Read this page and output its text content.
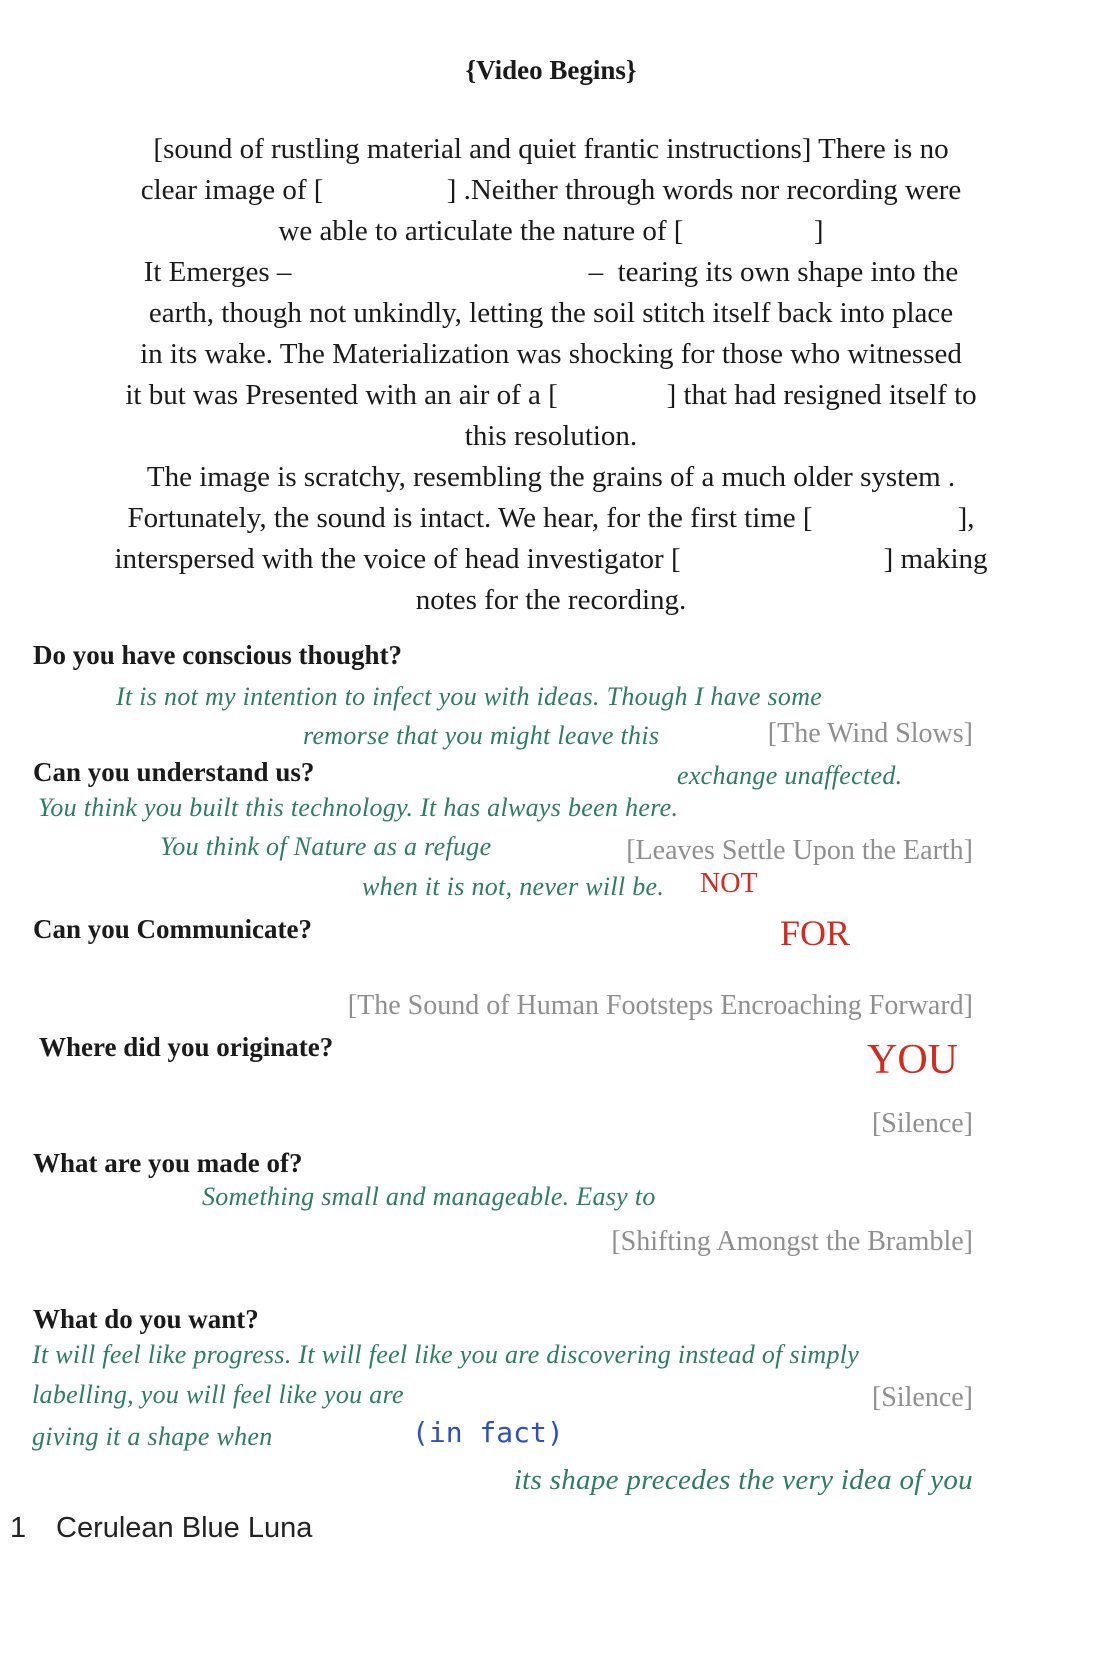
{Video Begins}
[sound of rustling material and quiet frantic instructions] There is no
clear image of [                 ] .Neither through words nor recording were
we able to articulate the nature of [                  ]
It Emerges –                                         –  tearing its own shape into the
earth, though not unkindly, letting the soil stitch itself back into place
in its wake. The Materialization was shocking for those who witnessed
it but was Presented with an air of a [               ] that had resigned itself to
this resolution.
The image is scratchy, resembling the grains of a much older system .
Fortunately, the sound is intact. We hear, for the first time [                    ],
interspersed with the voice of head investigator [                            ] making
notes for the recording.
Do you have conscious thought?
It is not my intention to infect you with ideas. Though I have some
remorse that you might leave this	[The Wind Slows]
Can you understand us?	exchange unaffected.
You think you built this technology. It has always been here.
You think of Nature as a refuge	[Leaves Settle Upon the Earth]
when it is not, never will be. NOT
Can you Communicate?	FOR
[The Sound of Human Footsteps Encroaching Forward]
Where did you originate?	YOU
[Silence]
What are you made of?
Something small and manageable. Easy to
[Shifting Amongst the Bramble]
What do you want?
It will feel like progress. It will feel like you are discovering instead of simply
labelling, you will feel like you are	[Silence]
giving it a shape when	(in fact)
its shape precedes the very idea of you
1 Cerulean Blue Luna
